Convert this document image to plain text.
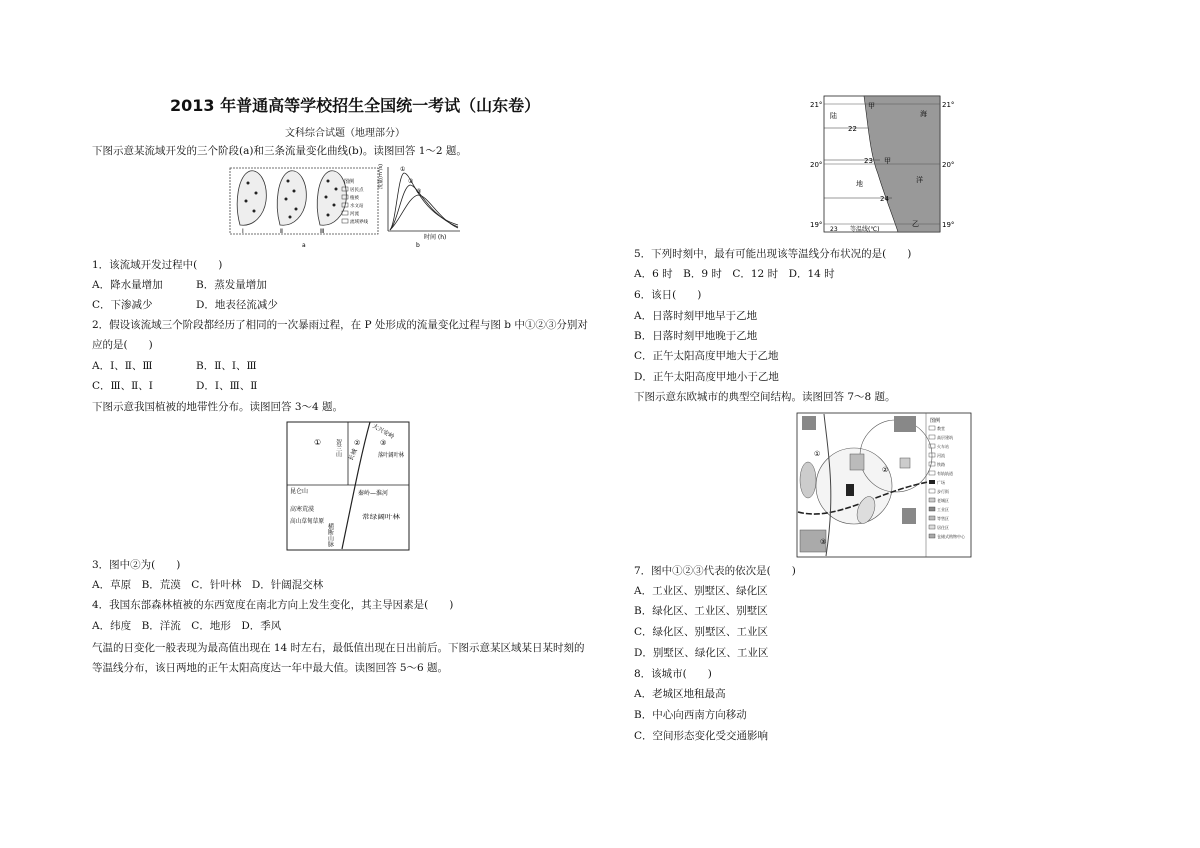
2013 年普通高等学校招生全国统一考试（山东卷）
文科综合试题（地理部分）
下图示意某流域开发的三个阶段(a)和三条流量变化曲线(b)。读图回答 1～2 题。
Ⅰ	Ⅱ	Ⅲ
图例
居民点
植被
水文站
河流
流域界线
a
①
②
③
流量(m³/s)
时间 (h)
b
1．该流域开发过程中(　　)
A．降水量增加	B．蒸发量增加
C．下渗减少	D．地表径流减少
2．假设该流域三个阶段都经历了相同的一次暴雨过程，在 P 处形成的流量变化过程与图 b 中①②③分别对
应的是(　　)
A．Ⅰ、Ⅱ、Ⅲ	B．Ⅱ、Ⅰ、Ⅲ
C．Ⅲ、Ⅱ、Ⅰ	D．Ⅰ、Ⅲ、Ⅱ
下图示意我国植被的地带性分布。读图回答 3～4 题。
①	②	③
贺兰山
大兴安岭
长城	落叶阔叶林
昆仑山	秦岭—淮河
高寒荒漠
高山草甸草原
常绿阔叶林
横断山脉
3．图中②为(　　)
A．草原　B．荒漠　C．针叶林　D．针阔混交林
4．我国东部森林植被的东西宽度在南北方向上发生变化，其主导因素是(　　)
A．纬度　B．洋流　C．地形　D．季风
气温的日变化一般表现为最高值出现在 14 时左右，最低值出现在日出前后。下图示意某区域某日某时刻的
等温线分布，该日两地的正午太阳高度达一年中最大值。读图回答 5～6 题。
21°	21°
20°	20°
19°	19°
陆
甲
海
22
23 甲
地	洋
24
乙
23 等温线(℃)
5．下列时刻中，最有可能出现该等温线分布状况的是(　　)
A．6 时　B．9 时　C．12 时　D．14 时
6．该日(　　)
A．日落时刻甲地早于乙地
B．日落时刻甲地晚于乙地
C．正午太阳高度甲地大于乙地
D．正午太阳高度甲地小于乙地
下图示意东欧城市的典型空间结构。读图回答 7～8 题。
①
②
③
图例
教堂
高层建筑
火车站
河流
铁路
有轨轨道
广场
步行街
老城区
工业区
等售区
居住区
仓储式购物中心
7．图中①②③代表的依次是(　　)
A．工业区、别墅区、绿化区
B．绿化区、工业区、别墅区
C．绿化区、别墅区、工业区
D．别墅区、绿化区、工业区
8．该城市(　　)
A．老城区地租最高
B．中心向西南方向移动
C．空间形态变化受交通影响
